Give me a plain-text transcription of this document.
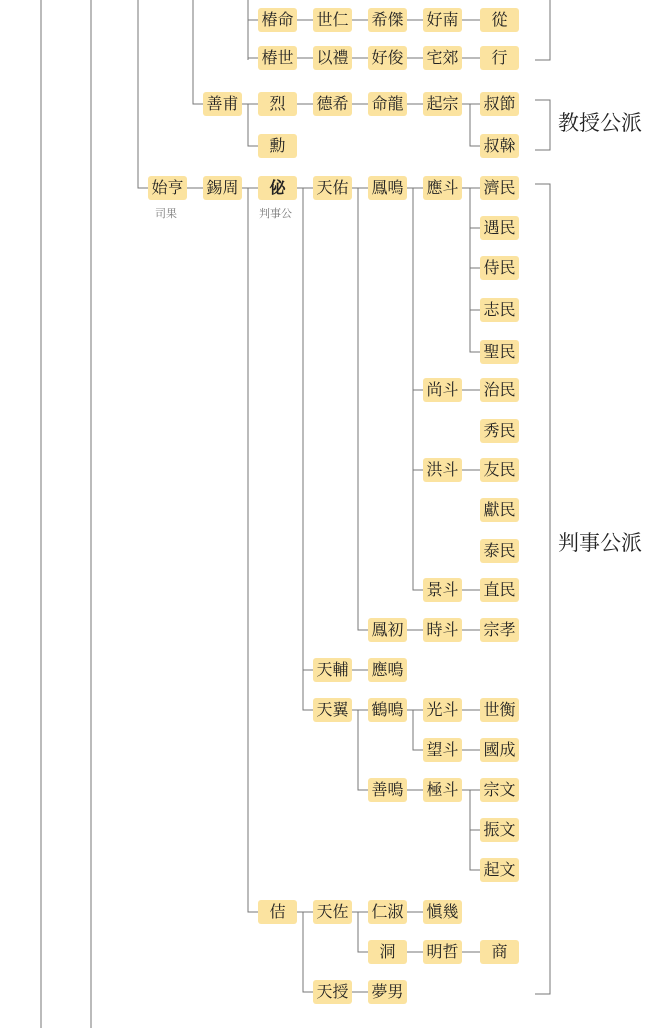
椿命 世仁 希傑 好南	從
椿世 以禮 好俊 宅郊	行
善甫	烈	德希 命龍 起宗 叔節
勳	叔榦
始亨
司果
錫周	佖
判事公
天佑 鳳鳴 應斗 濟民
遇民
侍民
志民
聖民
尚斗 治民
秀民
洪斗 友民
獻民
泰民
景斗 直民
鳳初 時斗 宗孝
天輔 應鳴
天翼 鶴鳴 光斗 世衡
望斗 國成
善鳴 極斗 宗文
振文
起文
佶	天佐 仁淑 愼幾
洞	明哲	商
天授 夢男
教授公派
判事公派
